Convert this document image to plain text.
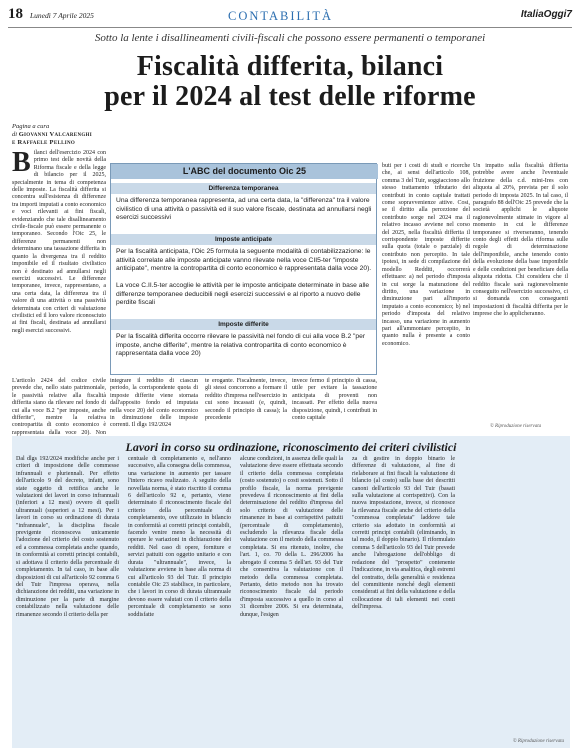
18 Lunedì 7 Aprile 2025	CONTABILITÀ	ItaliaOggi7
Sotto la lente i disallineamenti civili-fiscali che possono essere permanenti o temporanei
Fiscalità differita, bilanci
per il 2024 al test delle riforme
Pagina a cura
di Giovanni Valcarenghi
e Raffaele Pellino
Bilanci dell'esercizio 2024 con primo test delle novità della Riforma fiscale e della legge di bilancio per il 2025, specialmente in tema di competenza delle imposte. La fiscalità differita si concentra sull'esistenza di differenze tra importi imputati a conto economico e voci rilevanti ai fini fiscali, evidenziando che tale disallineamento civile-fiscale può essere permanente o temporaneo. Secondo l'Oic 25, le differenze permanenti non determinano una tassazione differita in quanto la divergenza tra il reddito imponibile ed il risultato civilistico non è destinato ad annullarsi negli esercizi successivi. Le differenze temporanee, invece, rappresentano, a una certa data, la differenza tra il valore di una attività o una passività determinata con criteri di valutazione civilistici ed il loro valore riconosciuto ai fini fiscali, destinata ad annullarsi negli esercizi successivi.
L'articolo 2424 del codice civile prevede che, nello stato patrimoniale, le passività relative alla fiscalità differita siano da rilevare nel fondo di cui alla voce B.2 "per imposte, anche differite", mentre la relativa contropartita di conto economico è rappresentata dalla voce 20). Non
L'ABC del documento Oic 25
Differenza temporanea
Una differenza temporanea rappresenta, ad una certa data, la "differenza" tra il valore civilistico di una attività o passività ed il suo valore fiscale, destinata ad annullarsi negli esercizi successivi
Imposte anticipate
Per la fiscalità anticipata, l'Oic 25 formula la seguente modalità di contabilizzazione: le attività correlate alle imposte anticipate vanno rilevate nella voce CII5-ter "imposte anticipate", mentre la contropartita di conto economico è rappresentata dalla voce 20).
La voce C.II.5-ter accoglie le attività per le imposte anticipate determinate in base alle differenze temporanee deducibili negli esercizi successivi e al riporto a nuovo delle perdite fiscali
Imposte differite
Per la fiscalità differita occorre rilevare le passività nel fondo di cui alla voce B.2 "per imposte, anche differite", mentre la relativa contropartita di conto economico è rappresentata dalla voce 20)
integrare il reddito di ciascun periodo, la corrispondente quota di imposte differite viene stornata dall'apposito fondo ed imputata nella voce 20) del conto economico in diminuzione delle imposte correnti. Il dlgs 192/2024
te erogante. Fiscalmente, invece, gli stessi concorrono a formare il reddito d'impresa nell'esercizio in cui sono incassati (e, quindi, secondo il principio di cassa); la precedente
invece fermo il principio di cassa, utile per evitare la tassazione anticipata di proventi non incassati. Per effetto della nuova disposizione, quindi, i contributi in conto capitale
buti per i costi di studi e ricerche che, ai sensi dell'articolo 108, comma 3 del Tuir, soggiacciono allo stesso trattamento tributario dei contributi in conto capitale trattati come sopravvenienze attive. Cosi, se il diritto alla percezione del contributo sorge nel 2024 ma il relativo incasso avviene nel corso del 2025, nella fiscalità differita il corrispondente imposte differite sulla quota (totale o parziale) di contributo non percepito. In tale ipotesi, in sede di compilazione del modello Redditi, occorrerà effettuare: a) nel periodo d'imposta in cui sorge la maturazione del diritto, una variazione in diminuzione pari all'importo imputato a conto economico; b) nel periodo d'imposta del relativo incasso, una variazione in aumento pari all'ammontare percepito, in quanto nulla è presente a conto economico.
Un impatto sulla fiscalità differita potrebbe avere anche l'eventuale fruizione della c.d. mini-Ires con aliquota al 20%, prevista per il solo periodo di imposta 2025. In tal caso, il paragrafo 88 dell'Oic 25 prevede che la società applichi le aliquote ragionevolmente stimate in vigore al momento in cui le differenze temporanee si riverseranno, tenendo conto degli effetti della riforma sulle regole di determinazione dell'imponibile, anche tenendo conto della evoluzione della base imponibile e delle condizioni per beneficiare della aliquota ridotta. Chi considera che il reddito fiscale sarà ragionevolmente conseguito nell'esercizio successivo, ci si domanda con conseguenti impostazioni di fiscalità differita per le imprese che lo applicheranno.
© Riproduzione riservata
Lavori in corso su ordinazione, riconoscimento dei criteri civilistici
Dal dlgs 192/2024 modifiche anche per i criteri di imposizione delle commesse infrannuali e pluriennali. Per effetto dell'articolo 9 del decreto, infatti, sono state oggetto di rettifica anche le valutazioni dei lavori in corso infrannuali (inferiori a 12 mesi) ovvero di quelli ultrannuali (superiori a 12 mesi). Per i lavori in corso su ordinazione di durata "infrannuale", la disciplina fiscale previgente riconosceva unicamente l'adozione del criterio del costo sostenuto ed a commessa completata anche quando, in conformità ai corretti principi contabili, si adottava il criterio della percentuale di completamento. In tal caso, in base alle disposizioni di cui all'articolo 92 comma 6 del Tuir l'impresa operava, nella dichiarazione dei redditi, una variazione in diminuzione per la parte di margine contabilizzato nella valutazione delle rimanenze secondo il criterio della per
centuale di completamento e, nell'anno successivo, alla consegna della commessa, una variazione in aumento per tassare l'intero ricavo realizzato. A seguito della novellata norma, è stato riscritto il comma 6 dell'articolo 92 e, pertanto, viene determinato il riconoscimento fiscale del criterio della percentuale di completamento, ove utilizzato in bilancio in conformità ai corretti principi contabili, facendo venire meno la necessità di operare le variazioni in dichiarazione dei redditi. Nel caso di opere, forniture e servizi pattuiti con oggetto unitario e con durata "ultrannuale", invece, la valutazione avviene in base alla norma di cui all'articolo 93 del Tuir. Il principio contabile Oic 23 stabilisce, in particolare, che i lavori in corso di durata ultrannuale devono essere valutati con il criterio della percentuale di completamento se sono soddisfatte
alcune condizioni, in assenza delle quali la valutazione deve essere effettuata secondo il criterio della commessa completata (costo sostenuto) o costi sostenuti. Sotto il profilo fiscale, la norma previgente prevedeva il riconoscimento ai fini della determinazione del reddito d'impresa del solo criterio di valutazione delle rimanenze in base ai corrispettivi pattuiti (percentuale di completamento), escludendo la rilevanza fiscale della valutazione con il metodo della commessa completata. Si era ritenuto, inoltre, che l'art. 1, co. 70 della L. 296/2006 ha abrogato il comma 5 dell'art. 93 del Tuir che consentiva la valutazione con il metodo della commessa completata. Pertanto, detto metodo non ha trovato riconoscimento fiscale dal periodo d'imposta successivo a quello in corso al 31 dicembre 2006. Si era determinata, dunque, l'esigen
za di gestire in doppio binario le differenze di valutazione, al fine di rielaborare ai fini fiscali la valutazione di bilancio (al costo) sulla base dei descritti canoni dell'articolo 93 del Tuir (basati sulla valutazione ai corrispettivi). Con la nuova impostazione, invece, si riconosce la rilevanza fiscale anche del criterio della "commessa completata" laddove tale criterio sia adottato in conformità ai corretti principi contabili (eliminando, in tal modo, il doppio binario). Il riformulato comma 5 dell'articolo 93 del Tuir prevede anche l'abrogazione dell'obbligo di redazione del "prospetto" contenente l'indicazione, in via analitica, degli estremi del contratto, della generalità e residenza del committente nonché degli elementi considerati ai fini della valutazione e della collocazione di tali elementi nei conti dell'impresa.
© Riproduzione riservata
